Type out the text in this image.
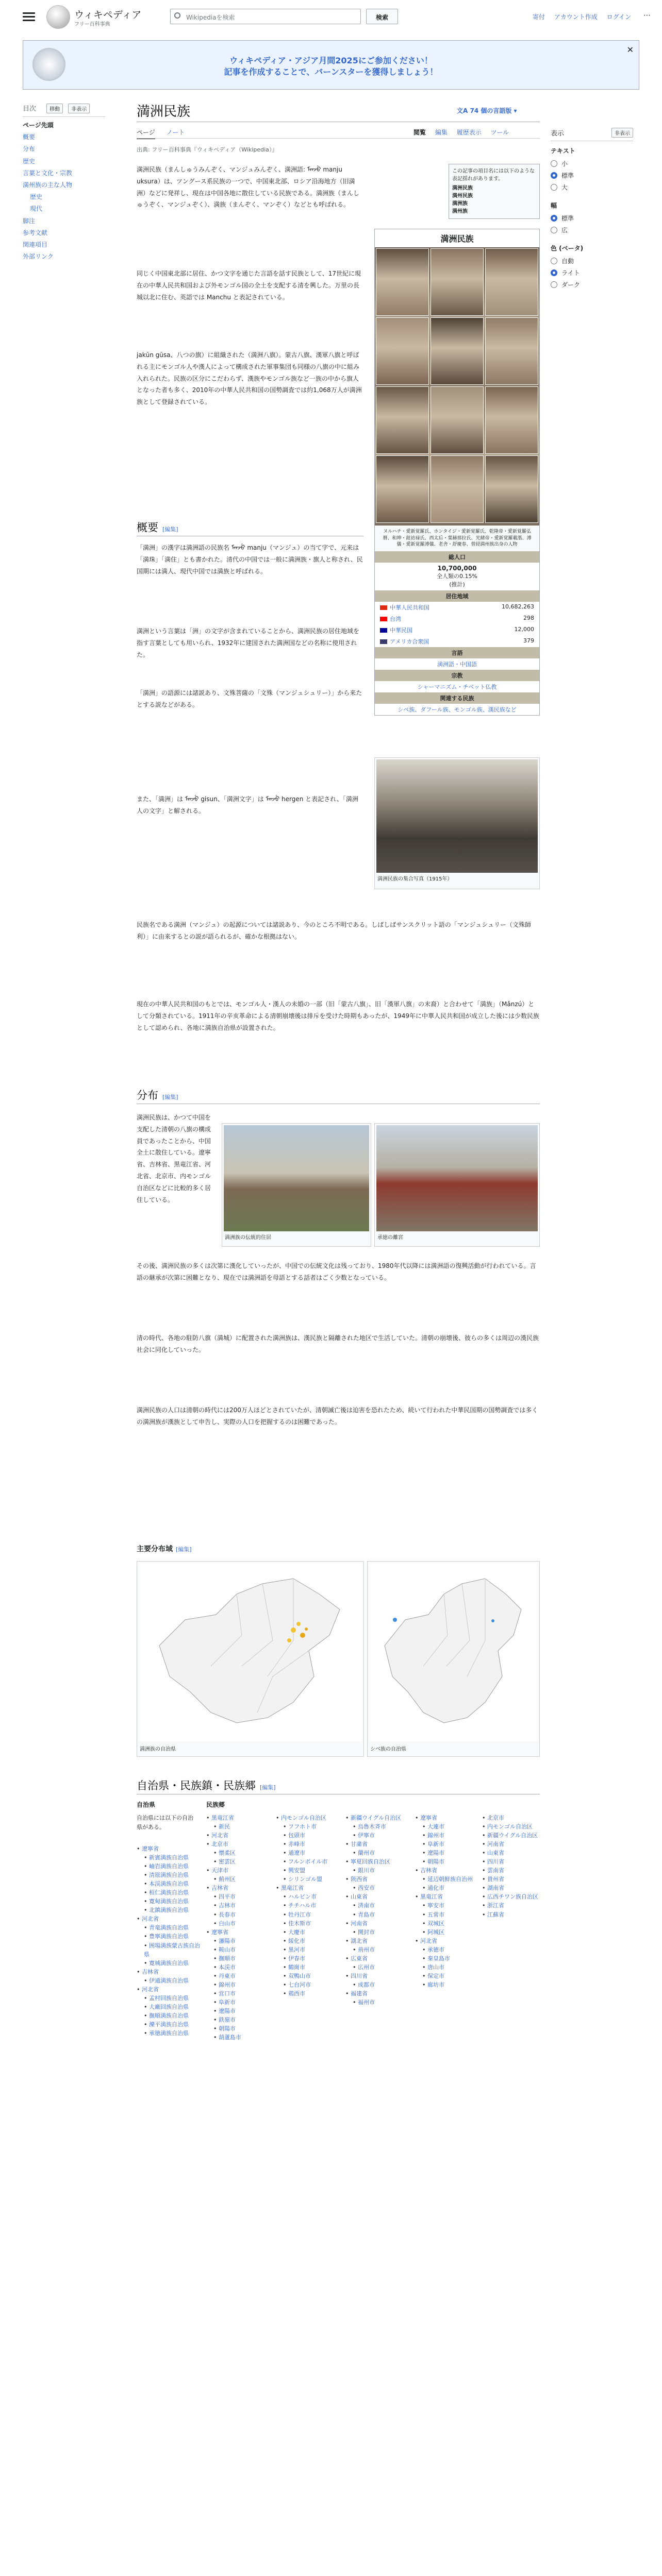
ウィキペディア
フリー百科事典
Wikipediaを検索	検索	寄付 アカウント作成 ログイン ⋯
ウィキペディア・アジア月間2025にご参加ください！
記事を作成することで、バーンスターを獲得しましょう！
✕
目次	移動 非表示
ページ先頭
概要
分布
歴史
言葉と文化・宗教
満州族の主な人物
歴史
現代
脚注
参考文献
関連項目
外部リンク
満洲民族	文A 74 個の言語版 ▾
ページ ノート	閲覧 編集 履歴表示 ツール
出典: フリー百科事典『ウィキペディア（Wikipedia）』
表示	非表示
テキスト
小
標準
大
幅
標準
広
色 (ベータ)
自動
ライト
ダーク
この記事の項目名には以下のような表記揺れがあります。
満洲民族
満州民族
満洲族
満州族
満洲民族
ヌルハチ・愛新覚羅氏、ホンタイジ・愛新覚羅氏、乾隆帝・愛新覚羅弘暦、和珅・鈕祜禄氏、西太后・葉赫那拉氏、光緒帝・愛新覚羅載湉、溥儀・愛新覚羅溥儀、老舎・舒慶春、曾経満州族出身の人物
総人口
10,700,000
全人類の0.15%
(推計)
居住地域
中華人民共和国	10,682,263
台湾	298
中華民国	12,000
アメリカ合衆国	379
言語
満洲語・中国語
宗教
シャーマニズム・チベット仏教
関連する民族
シベ族、ダフール族、モンゴル族、漢民族など
満洲民族（まんしゅうみんぞく、マンジュみんぞく、満洲語: ᠮᠠᠨᠵᡠ manju uksura）は、ツングース系民族の一つで、中国東北部、ロシア沿海地方（旧満洲）などに発祥し、現在は中国各地に散住している民族である。満洲族（まんしゅうぞく、マンジュぞく）、満族（まんぞく、マンぞく）などとも呼ばれる。
同じく中国東北部に居住、かつ文字を通じた言語を話す民族として、17世紀に現在の中華人民共和国および外モンゴル国の全土を支配する清を興した。万里の長城以北に住む、英語では Manchu と表記されている。
jakūn gūsa、八つの旗）に組織された（満洲八旗）。蒙古八旗、漢軍八旗と呼ばれる主にモンゴル人や漢人によって構成された軍事集団も同様の八旗の中に組み入れられた。民族の区分にこだわらず、漢族やモンゴル族など一族の中から旗人となった者も多く、2010年の中華人民共和国の国勢調査では約1,068万人が満洲族として登録されている。
概要 [編集]
「満洲」の漢字は満洲語の民族名 ᠮᠠᠨᠵᡠ manju（マンジュ）の当て字で、元来は「満珠」「満住」とも書かれた。清代の中国では一般に満洲族・旗人と称され、民国期には満人、現代中国では満族と呼ばれる。
満洲という言葉は「洲」の文字が含まれていることから、満洲民族の居住地域を指す言葉としても用いられ、1932年に建国された満洲国などの名称に使用された。
「満洲」の語源には諸説あり、文殊菩薩の「文殊（マンジュシュリー）」から来たとする説などがある。
また、「満洲」は ᠮᠠᠨᠵᡠ gisun、「満洲文字」は ᠮᠠᠨᠵᡠ hergen と表記され、「満洲人の文字」と解される。
満洲民族の集合写真（1915年）
民族名である満洲（マンジュ）の起源については諸説あり、今のところ不明である。しばしばサンスクリット語の「マンジュシュリー（文殊師利）」に由来するとの説が語られるが、確かな根拠はない。
現在の中華人民共和国のもとでは、モンゴル人・漢人の未婚の一部（旧「蒙古八旗」、旧「漢軍八旗」の末裔）と合わせて「満族」（Mǎnzú）として分類されている。1911年の辛亥革命による清朝崩壊後は排斥を受けた時期もあったが、1949年に中華人民共和国が成立した後には少数民族として認められ、各地に満族自治県が設置された。
分布 [編集]
満洲民族は、かつて中国を支配した清朝の八旗の構成員であったことから、中国全土に散住している。遼寧省、吉林省、黒竜江省、河北省、北京市、内モンゴル自治区などに比較的多く居住している。
満洲族の伝統的住居	承徳の離宮
その後、満洲民族の多くは次第に漢化していったが、中国での伝統文化は残っており、1980年代以降には満洲語の復興活動が行われている。言語の継承が次第に困難となり、現在では満洲語を母語とする話者はごく少数となっている。
清の時代、各地の駐防八旗（満城）に配置された満洲族は、漢民族と隔離された地区で生活していた。清朝の崩壊後、彼らの多くは周辺の漢民族社会に同化していった。
満洲民族の人口は清朝の時代には200万人ほどとされていたが、清朝滅亡後は迫害を恐れたため、続いて行われた中華民国期の国勢調査では多くの満洲族が漢族として申告し、実際の人口を把握するのは困難であった。
主要分布域 [編集]
満洲族の自治県	シベ族の自治県
自治県・民族鎮・民族郷 [編集]
自治県	民族郷
自治県には以下の自治県がある。
• 遼寧省
• 新賓満族自治県
• 岫岩満族自治県
• 清原満族自治県
• 本渓満族自治県
• 桓仁満族自治県
• 寛甸満族自治県
• 北鎮満族自治県
• 河北省
• 青竜満族自治県
• 豊寧満族自治県
• 囲場満族蒙古族自治県
• 寛城満族自治県
• 吉林省
• 伊通満族自治県
• 河北省
• 孟村回族自治県
• 大廠回族自治県
• 撫順満族自治県
• 灤平満族自治県
• 承徳満族自治県
• 黒竜江省
• 新民
• 河北省
• 北京市
• 懐柔区
• 密雲区
• 天津市
• 薊州区
• 吉林省
• 四平市
• 吉林市
• 長春市
• 白山市
• 遼寧省
• 瀋陽市
• 鞍山市
• 撫順市
• 本渓市
• 丹東市
• 錦州市
• 営口市
• 阜新市
• 遼陽市
• 鉄嶺市
• 朝陽市
• 葫蘆島市
• 内モンゴル自治区
• フフホト市
• 包頭市
• 赤峰市
• 通遼市
• フルンボイル市
• 興安盟
• シリンゴル盟
• 黒竜江省
• ハルビン市
• チチハル市
• 牡丹江市
• 佳木斯市
• 大慶市
• 綏化市
• 黒河市
• 伊春市
• 鶴崗市
• 双鴨山市
• 七台河市
• 鶏西市
• 新疆ウイグル自治区
• 烏魯木斉市
• 伊寧市
• 甘粛省
• 蘭州市
• 寧夏回族自治区
• 銀川市
• 陝西省
• 西安市
• 山東省
• 済南市
• 青島市
• 河南省
• 開封市
• 湖北省
• 荊州市
• 広東省
• 広州市
• 四川省
• 成都市
• 福建省
• 福州市
• 遼寧省
• 大連市
• 錦州市
• 阜新市
• 遼陽市
• 朝陽市
• 吉林省
• 延辺朝鮮族自治州
• 通化市
• 黒竜江省
• 寧安市
• 五常市
• 双城区
• 阿城区
• 河北省
• 承徳市
• 秦皇島市
• 唐山市
• 保定市
• 廊坊市
• 北京市
• 内モンゴル自治区
• 新疆ウイグル自治区
• 河南省
• 山東省
• 四川省
• 雲南省
• 貴州省
• 湖南省
• 広西チワン族自治区
• 浙江省
• 江蘇省
